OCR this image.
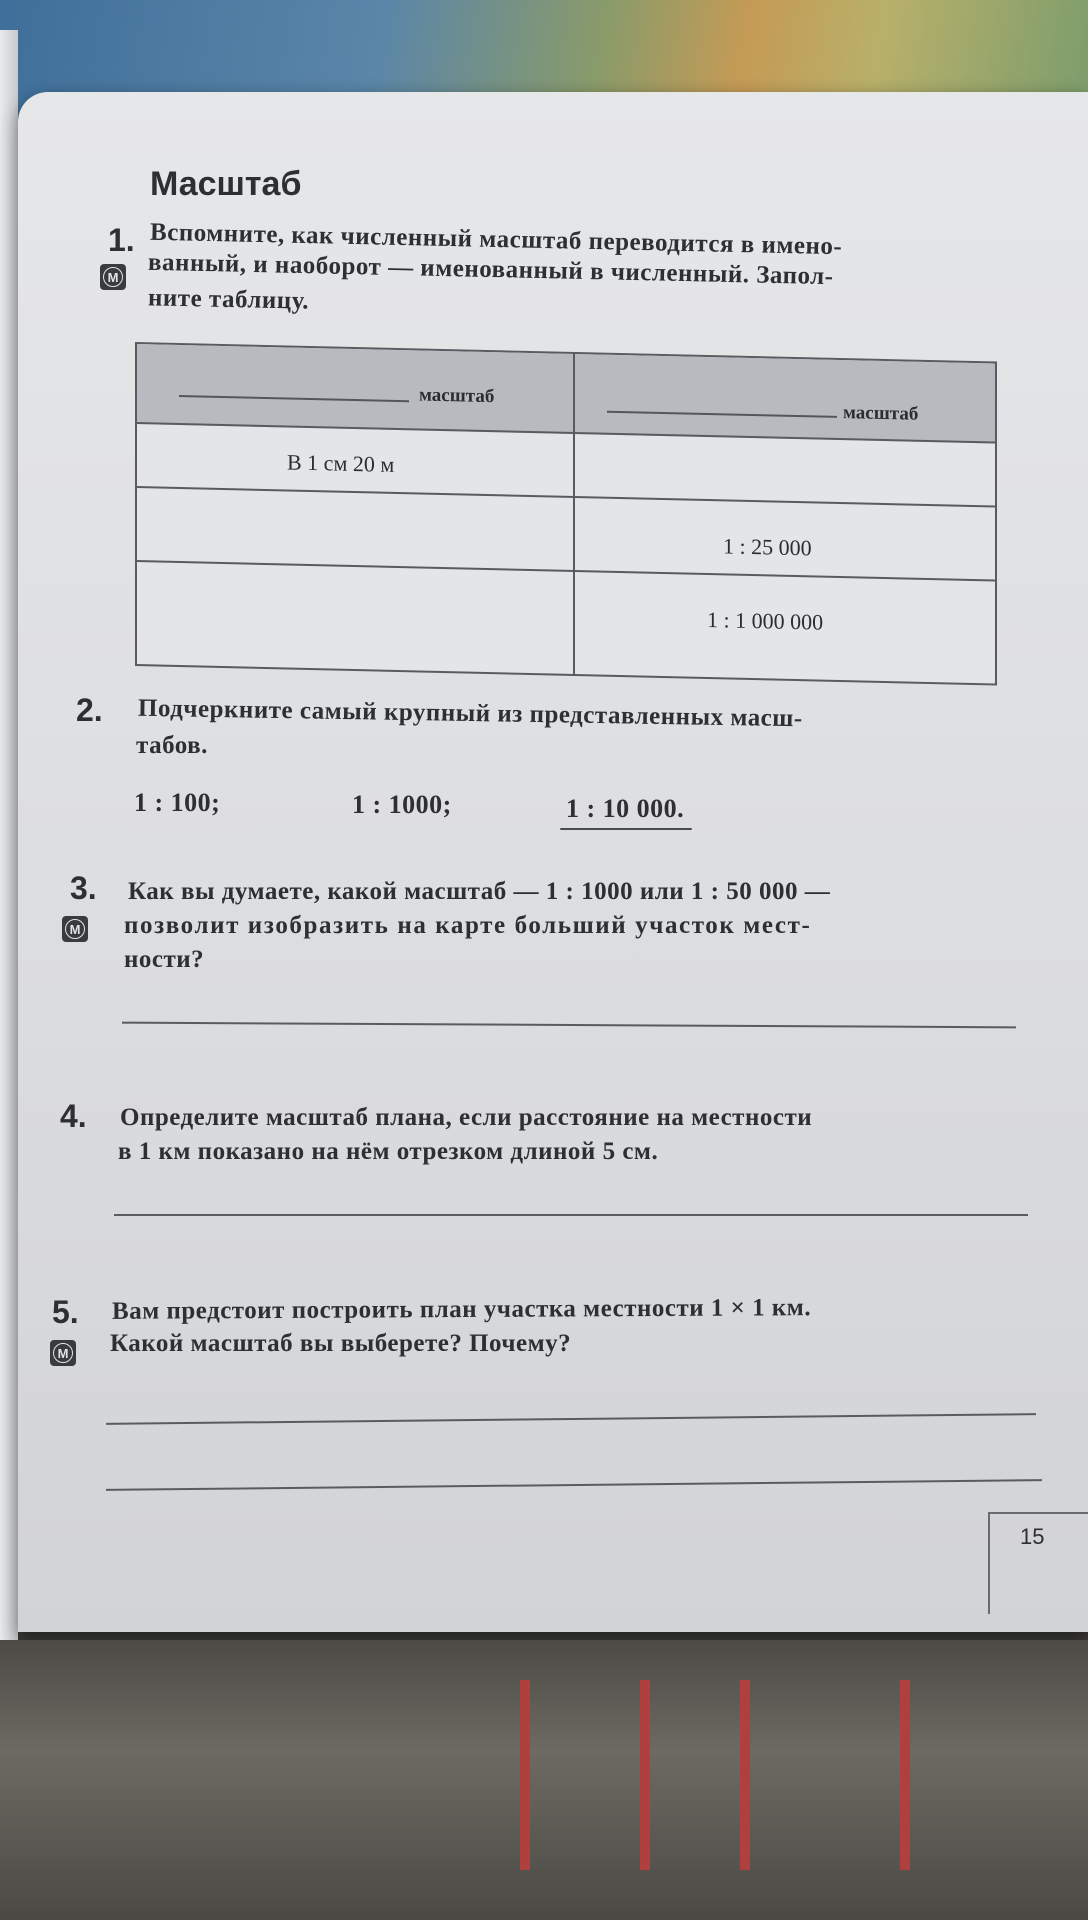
Масштаб
1.
М
Вспомните, как численный масштаб переводится в имено-
ванный, и наоборот — именованный в численный. Запол-
ните таблицу.
масштаб
масштаб
В 1 см 20 м
1 : 25 000
1 : 1 000 000
2. Подчеркните самый крупный из представленных масш-
табов.
1 : 100;	1 : 1000;	1 : 10 000.
3.
М
Как вы думаете, какой масштаб — 1 : 1000 или 1 : 50 000 —
позволит изобразить на карте больший участок мест-
ности?
4. Определите масштаб плана, если расстояние на местности
в 1 км показано на нём отрезком длиной 5 см.
5.
М
Вам предстоит построить план участка местности 1 × 1 км.
Какой масштаб вы выберете? Почему?
15
